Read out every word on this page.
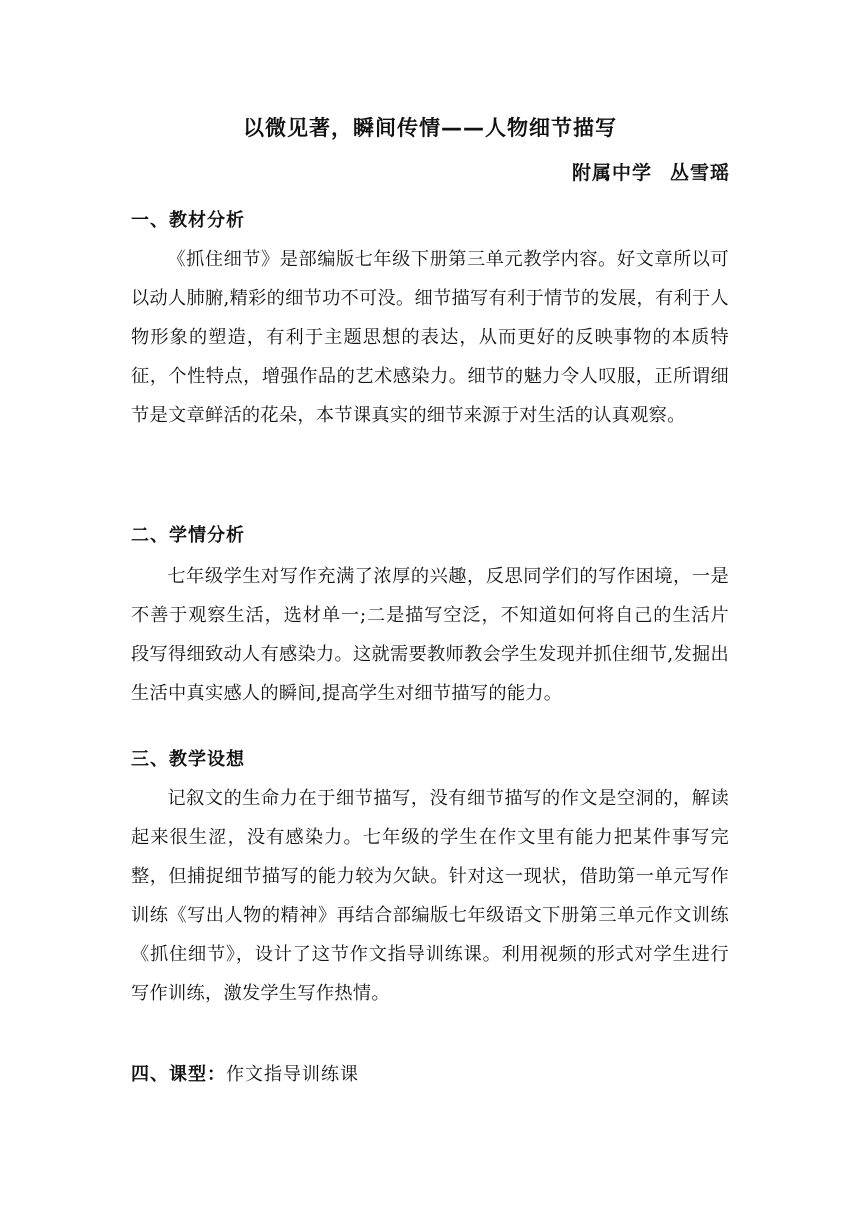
以微见著，瞬间传情——人物细节描写
附属中学 丛雪瑶
一、教材分析
《抓住细节》是部编版七年级下册第三单元教学内容。好文章所以可以动人肺腑,精彩的细节功不可没。细节描写有利于情节的发展，有利于人物形象的塑造，有利于主题思想的表达，从而更好的反映事物的本质特征，个性特点，增强作品的艺术感染力。细节的魅力令人叹服，正所谓细节是文章鲜活的花朵，本节课真实的细节来源于对生活的认真观察。
二、学情分析
七年级学生对写作充满了浓厚的兴趣，反思同学们的写作困境，一是不善于观察生活，选材单一;二是描写空泛，不知道如何将自己的生活片段写得细致动人有感染力。这就需要教师教会学生发现并抓住细节,发掘出生活中真实感人的瞬间,提高学生对细节描写的能力。
三、教学设想
记叙文的生命力在于细节描写，没有细节描写的作文是空洞的，解读起来很生涩，没有感染力。七年级的学生在作文里有能力把某件事写完整，但捕捉细节描写的能力较为欠缺。针对这一现状，借助第一单元写作训练《写出人物的精神》再结合部编版七年级语文下册第三单元作文训练《抓住细节》，设计了这节作文指导训练课。利用视频的形式对学生进行写作训练，激发学生写作热情。
四、课型：作文指导训练课
